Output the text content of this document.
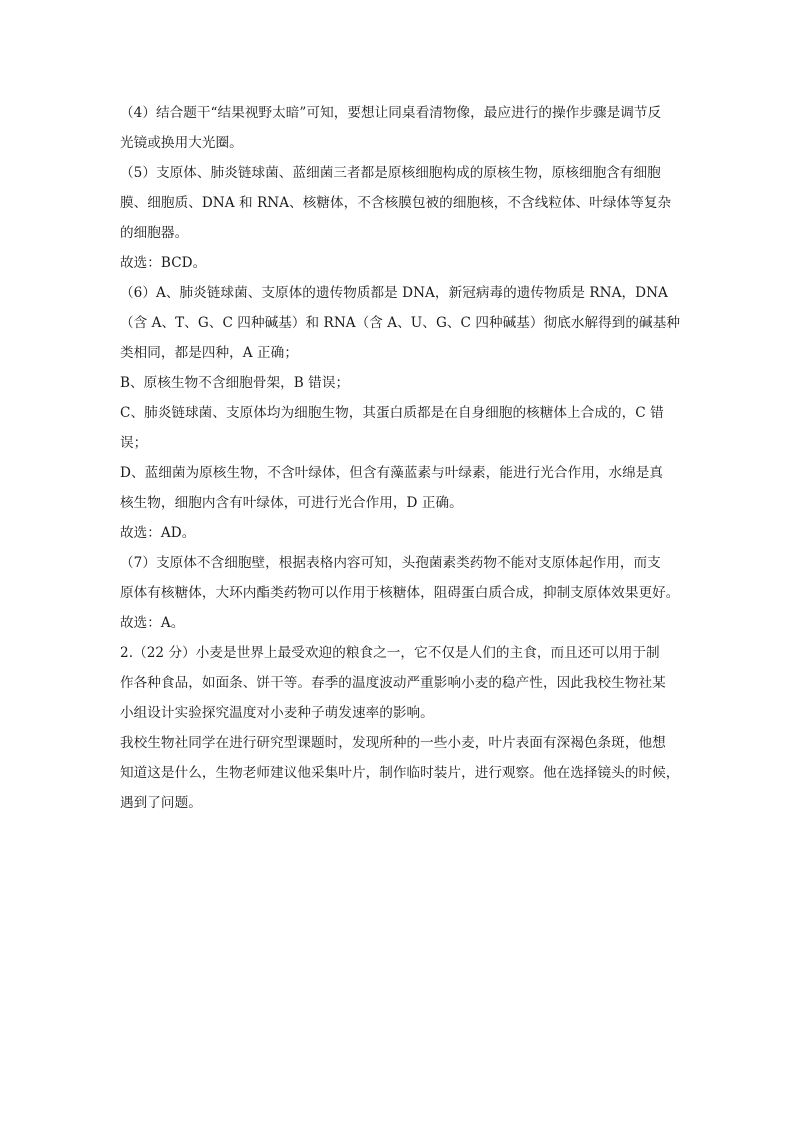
（4）结合题干“结果视野太暗”可知，要想让同桌看清物像，最应进行的操作步骤是调节反
光镜或换用大光圈。
（5）支原体、肺炎链球菌、蓝细菌三者都是原核细胞构成的原核生物，原核细胞含有细胞
膜、细胞质、DNA 和 RNA、核糖体，不含核膜包被的细胞核，不含线粒体、叶绿体等复杂
的细胞器。
故选：BCD。
（6）A、肺炎链球菌、支原体的遗传物质都是 DNA，新冠病毒的遗传物质是 RNA，DNA
（含 A、T、G、C 四种碱基）和 RNA（含 A、U、G、C 四种碱基）彻底水解得到的碱基种
类相同，都是四种，A 正确；
B、原核生物不含细胞骨架，B 错误；
C、肺炎链球菌、支原体均为细胞生物，其蛋白质都是在自身细胞的核糖体上合成的，C 错
误；
D、蓝细菌为原核生物，不含叶绿体，但含有藻蓝素与叶绿素，能进行光合作用，水绵是真
核生物，细胞内含有叶绿体，可进行光合作用，D 正确。
故选：AD。
（7）支原体不含细胞壁，根据表格内容可知，头孢菌素类药物不能对支原体起作用，而支
原体有核糖体，大环内酯类药物可以作用于核糖体，阻碍蛋白质合成，抑制支原体效果更好。
故选：A。
2.（22 分）小麦是世界上最受欢迎的粮食之一，它不仅是人们的主食，而且还可以用于制
作各种食品，如面条、饼干等。春季的温度波动严重影响小麦的稳产性，因此我校生物社某
小组设计实验探究温度对小麦种子萌发速率的影响。
我校生物社同学在进行研究型课题时，发现所种的一些小麦，叶片表面有深褐色条斑，他想
知道这是什么，生物老师建议他采集叶片，制作临时装片，进行观察。他在选择镜头的时候，
遇到了问题。
